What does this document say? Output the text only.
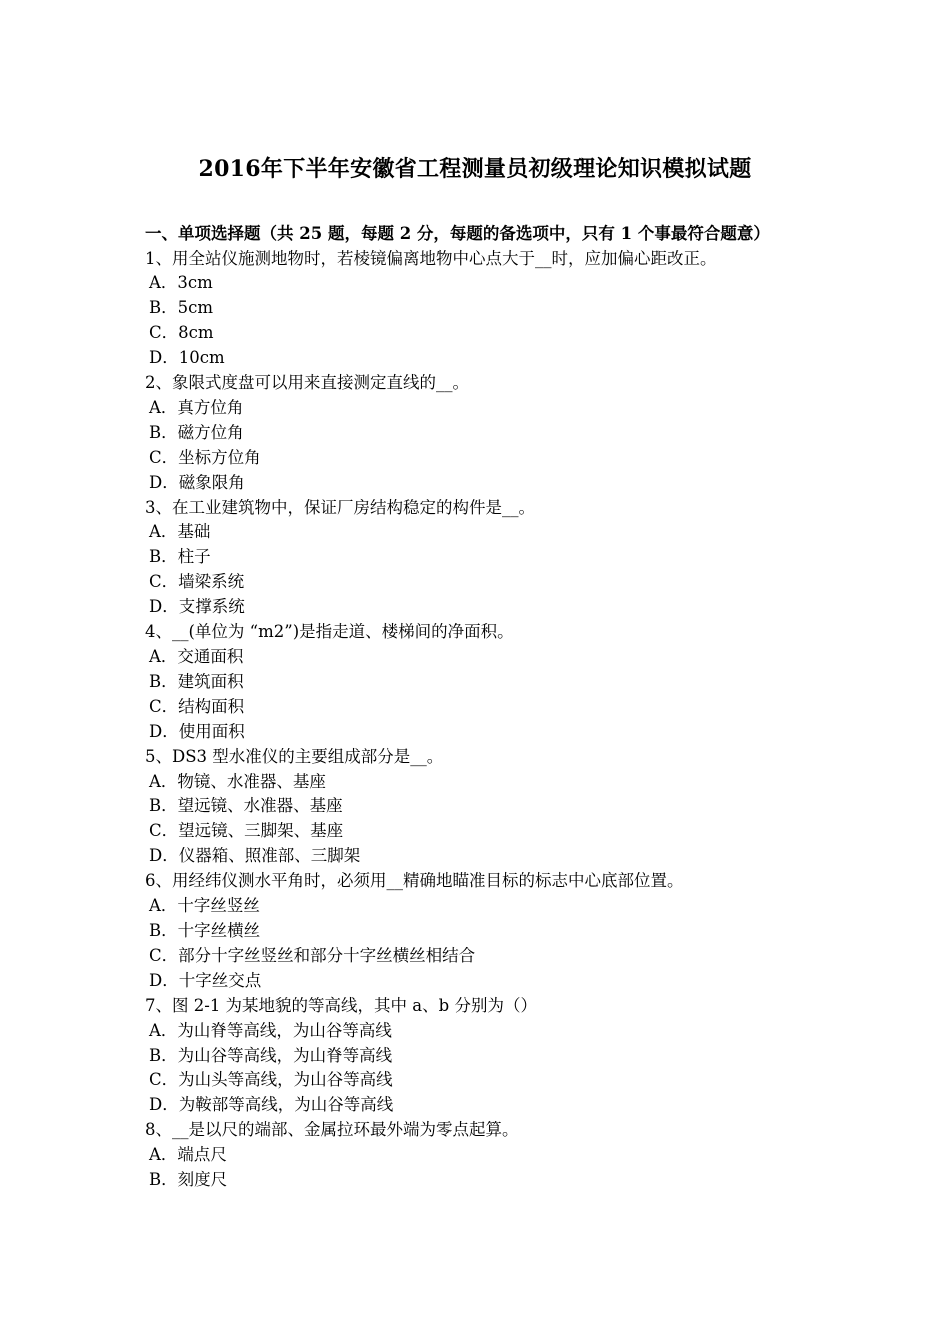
2016年下半年安徽省工程测量员初级理论知识模拟试题

一、单项选择题（共 25 题，每题 2 分，每题的备选项中，只有 1 个事最符合题意）

1、用全站仪施测地物时，若棱镜偏离地物中心点大于__时，应加偏心距改正。

A．3cm

B．5cm

C．8cm

D．10cm

2、象限式度盘可以用来直接测定直线的__。

A．真方位角

B．磁方位角

C．坐标方位角

D．磁象限角

3、在工业建筑物中，保证厂房结构稳定的构件是__。

A．基础

B．柱子

C．墙梁系统

D．支撑系统

4、__(单位为 “m2”)是指走道、楼梯间的净面积。

A．交通面积

B．建筑面积

C．结构面积

D．使用面积

5、DS3 型水准仪的主要组成部分是__。

A．物镜、水准器、基座

B．望远镜、水准器、基座

C．望远镜、三脚架、基座

D．仪器箱、照准部、三脚架

6、用经纬仪测水平角时，必须用__精确地瞄准目标的标志中心底部位置。

A．十字丝竖丝

B．十字丝横丝

C．部分十字丝竖丝和部分十字丝横丝相结合

D．十字丝交点

7、图 2-1 为某地貌的等高线，其中 a、b 分别为（）

A．为山脊等高线，为山谷等高线

B．为山谷等高线，为山脊等高线

C．为山头等高线，为山谷等高线

D．为鞍部等高线，为山谷等高线

8、__是以尺的端部、金属拉环最外端为零点起算。

A．端点尺

B．刻度尺
